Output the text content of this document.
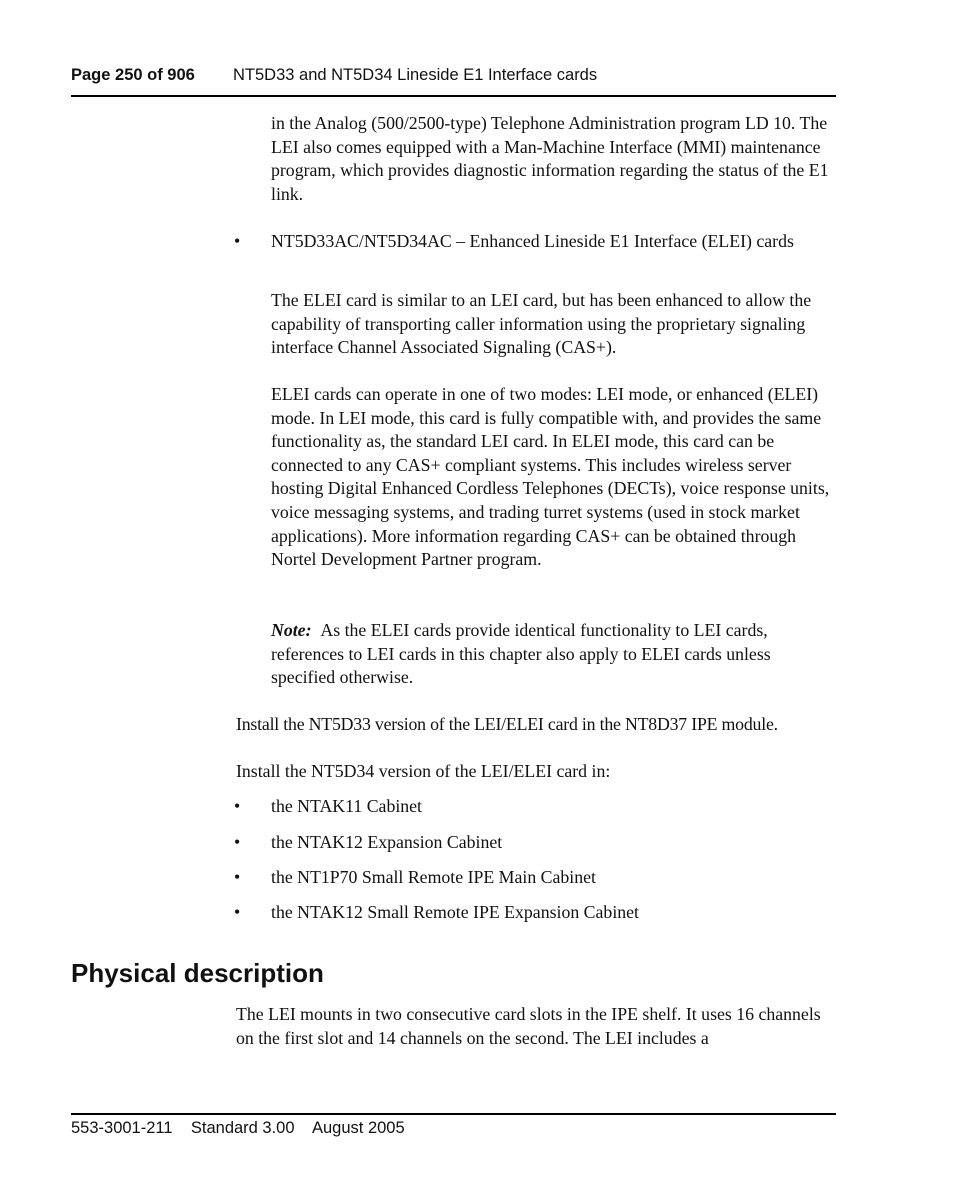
Page 250 of 906 NT5D33 and NT5D34 Lineside E1 Interface cards

in the Analog (500/2500-type) Telephone Administration program LD 10. The LEI also comes equipped with a Man-Machine Interface (MMI) maintenance program, which provides diagnostic information regarding the status of the E1 link.

• NT5D33AC/NT5D34AC – Enhanced Lineside E1 Interface (ELEI) cards

The ELEI card is similar to an LEI card, but has been enhanced to allow the capability of transporting caller information using the proprietary signaling interface Channel Associated Signaling (CAS+).

ELEI cards can operate in one of two modes: LEI mode, or enhanced (ELEI) mode. In LEI mode, this card is fully compatible with, and provides the same functionality as, the standard LEI card. In ELEI mode, this card can be connected to any CAS+ compliant systems. This includes wireless server hosting Digital Enhanced Cordless Telephones (DECTs), voice response units, voice messaging systems, and trading turret systems (used in stock market applications). More information regarding CAS+ can be obtained through Nortel Development Partner program.

Note: As the ELEI cards provide identical functionality to LEI cards, references to LEI cards in this chapter also apply to ELEI cards unless specified otherwise.

Install the NT5D33 version of the LEI/ELEI card in the NT8D37 IPE module.

Install the NT5D34 version of the LEI/ELEI card in:

• the NTAK11 Cabinet

• the NTAK12 Expansion Cabinet

• the NT1P70 Small Remote IPE Main Cabinet

• the NTAK12 Small Remote IPE Expansion Cabinet

Physical description

The LEI mounts in two consecutive card slots in the IPE shelf. It uses 16 channels on the first slot and 14 channels on the second. The LEI includes a

553-3001-211 Standard 3.00 August 2005
